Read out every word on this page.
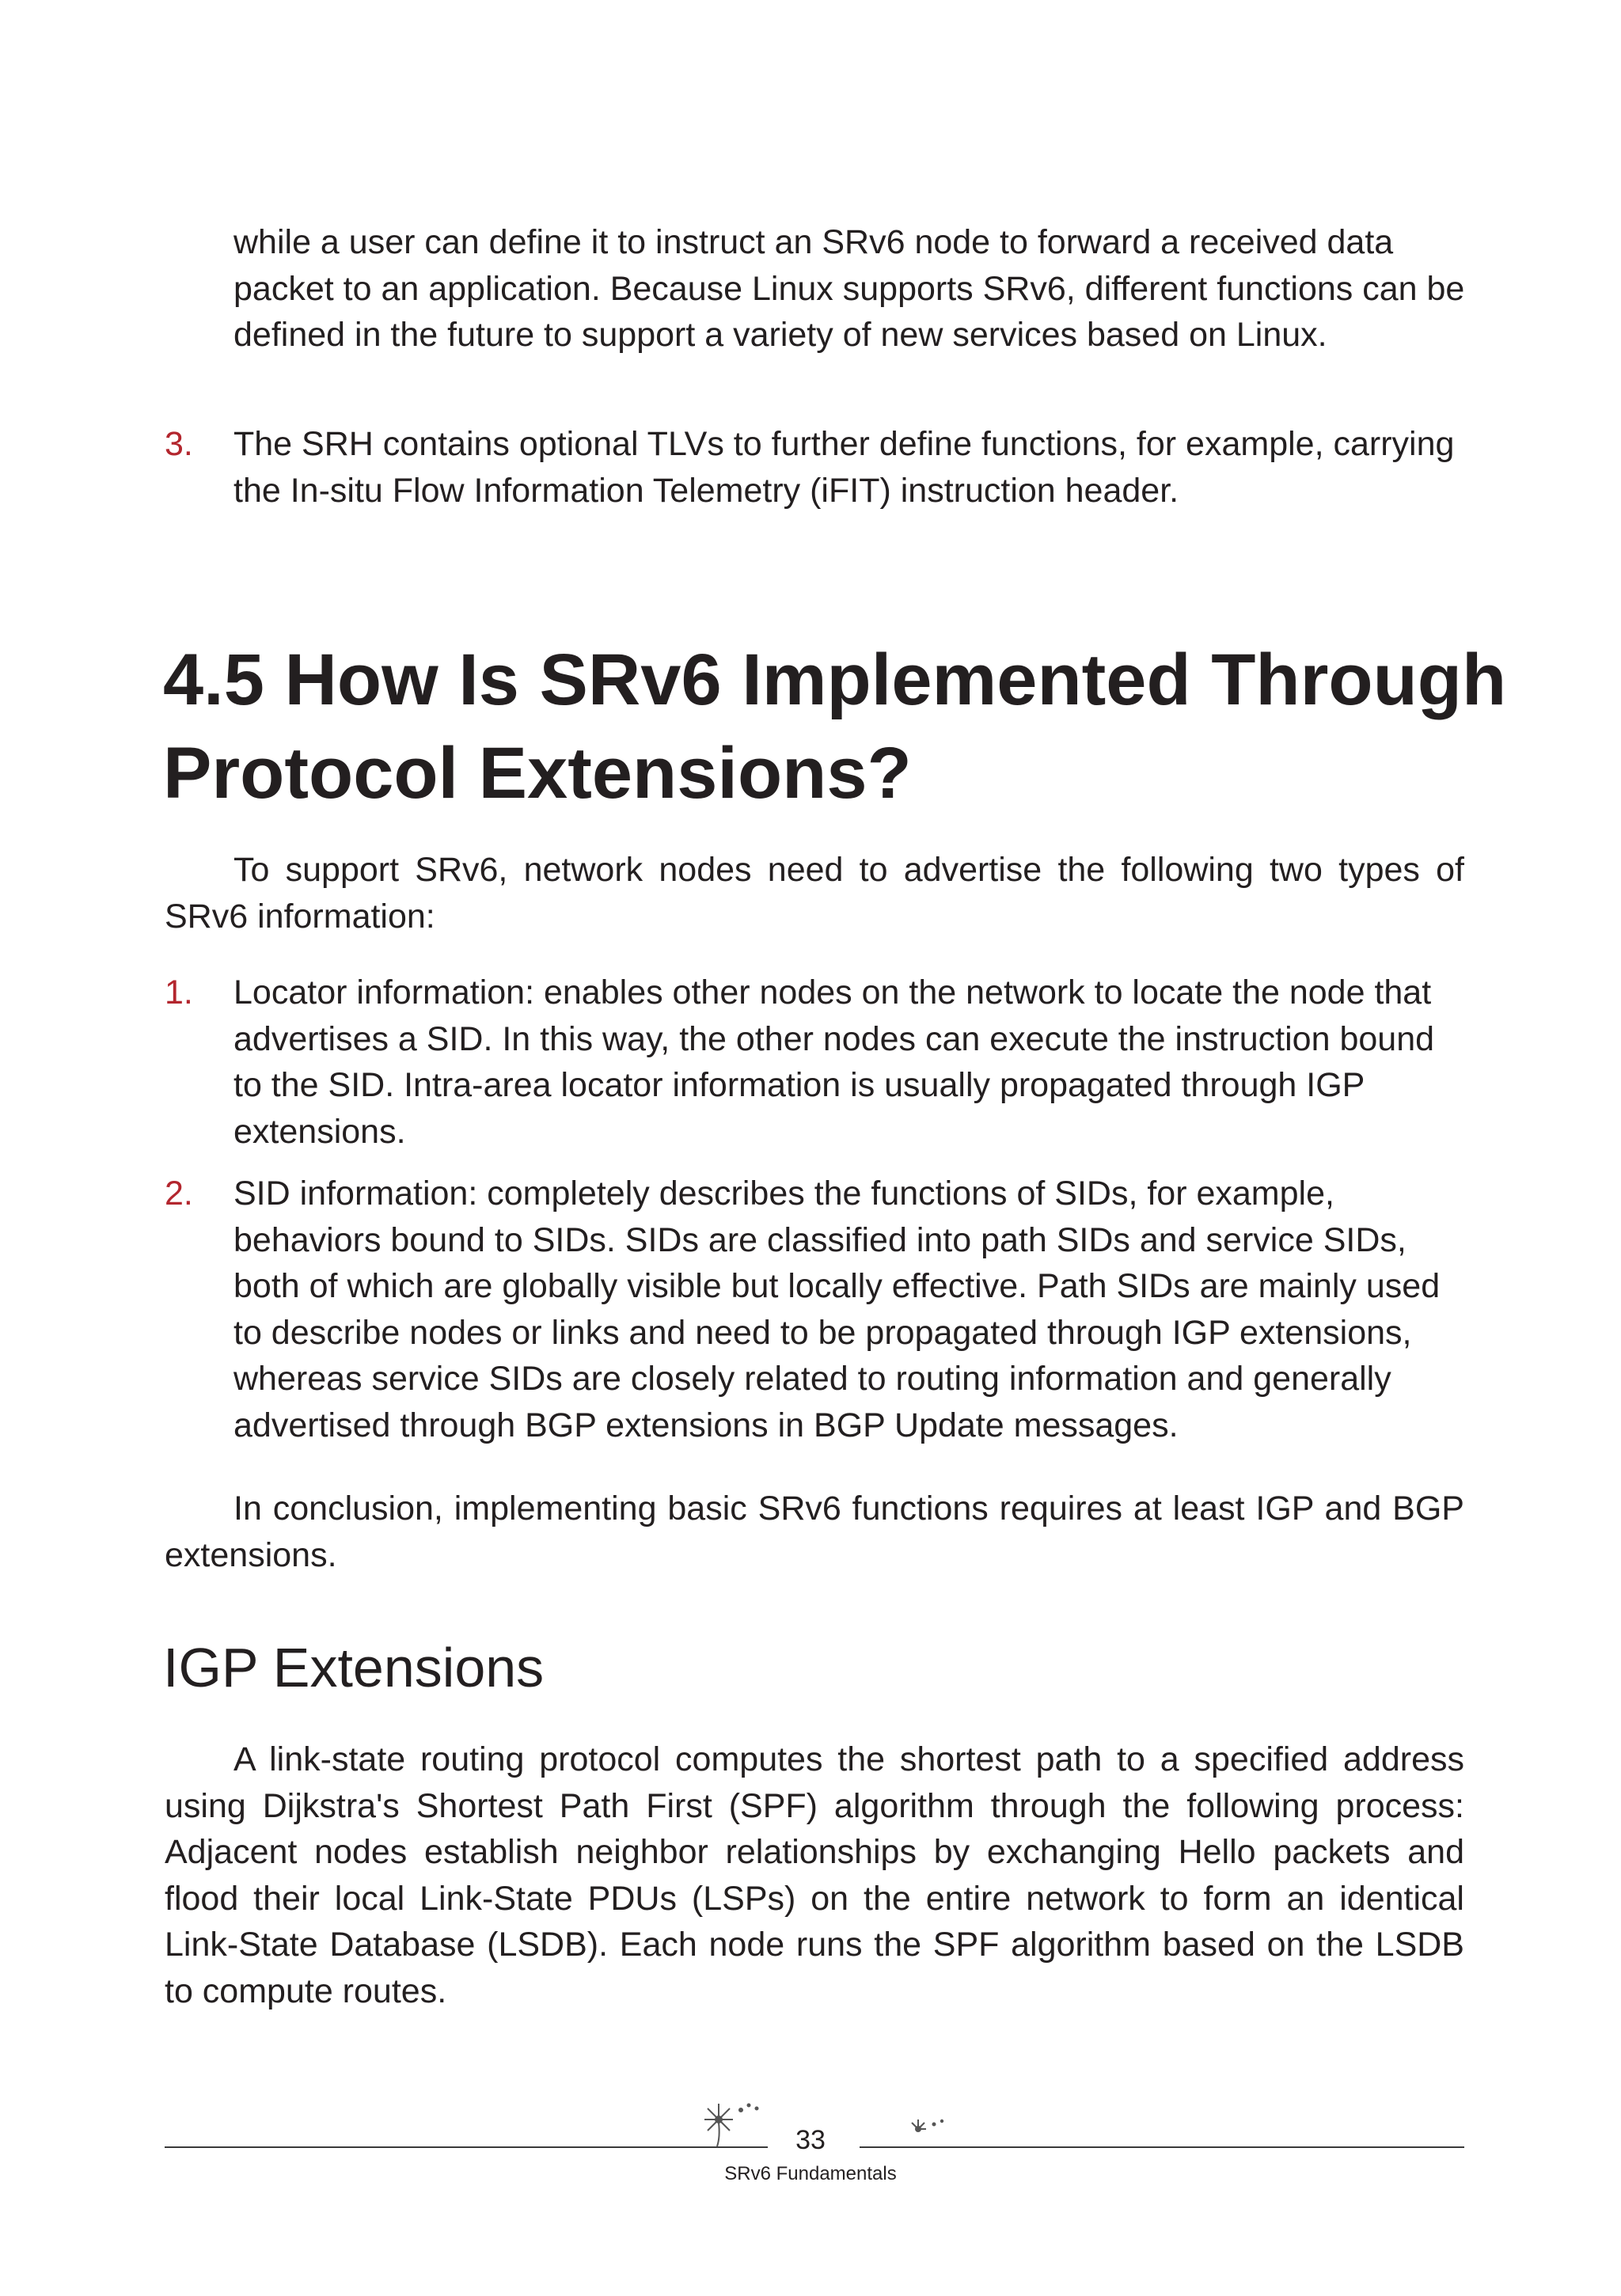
while a user can define it to instruct an SRv6 node to forward a received data packet to an application. Because Linux supports SRv6, different functions can be defined in the future to support a variety of new services based on Linux.
3. The SRH contains optional TLVs to further define functions, for example, carrying the In-situ Flow Information Telemetry (iFIT) instruction header.
4.5 How Is SRv6 Implemented Through Protocol Extensions?
To support SRv6, network nodes need to advertise the following two types of SRv6 information:
1. Locator information: enables other nodes on the network to locate the node that advertises a SID. In this way, the other nodes can execute the instruction bound to the SID. Intra-area locator information is usually propagated through IGP extensions.
2. SID information: completely describes the functions of SIDs, for example, behaviors bound to SIDs. SIDs are classified into path SIDs and service SIDs, both of which are globally visible but locally effective. Path SIDs are mainly used to describe nodes or links and need to be propagated through IGP extensions, whereas service SIDs are closely related to routing information and generally advertised through BGP extensions in BGP Update messages.
In conclusion, implementing basic SRv6 functions requires at least IGP and BGP extensions.
IGP Extensions
A link-state routing protocol computes the shortest path to a specified address using Dijkstra's Shortest Path First (SPF) algorithm through the following process: Adjacent nodes establish neighbor relationships by exchanging Hello packets and flood their local Link-State PDUs (LSPs) on the entire network to form an identical Link-State Database (LSDB). Each node runs the SPF algorithm based on the LSDB to compute routes.
33
SRv6 Fundamentals
